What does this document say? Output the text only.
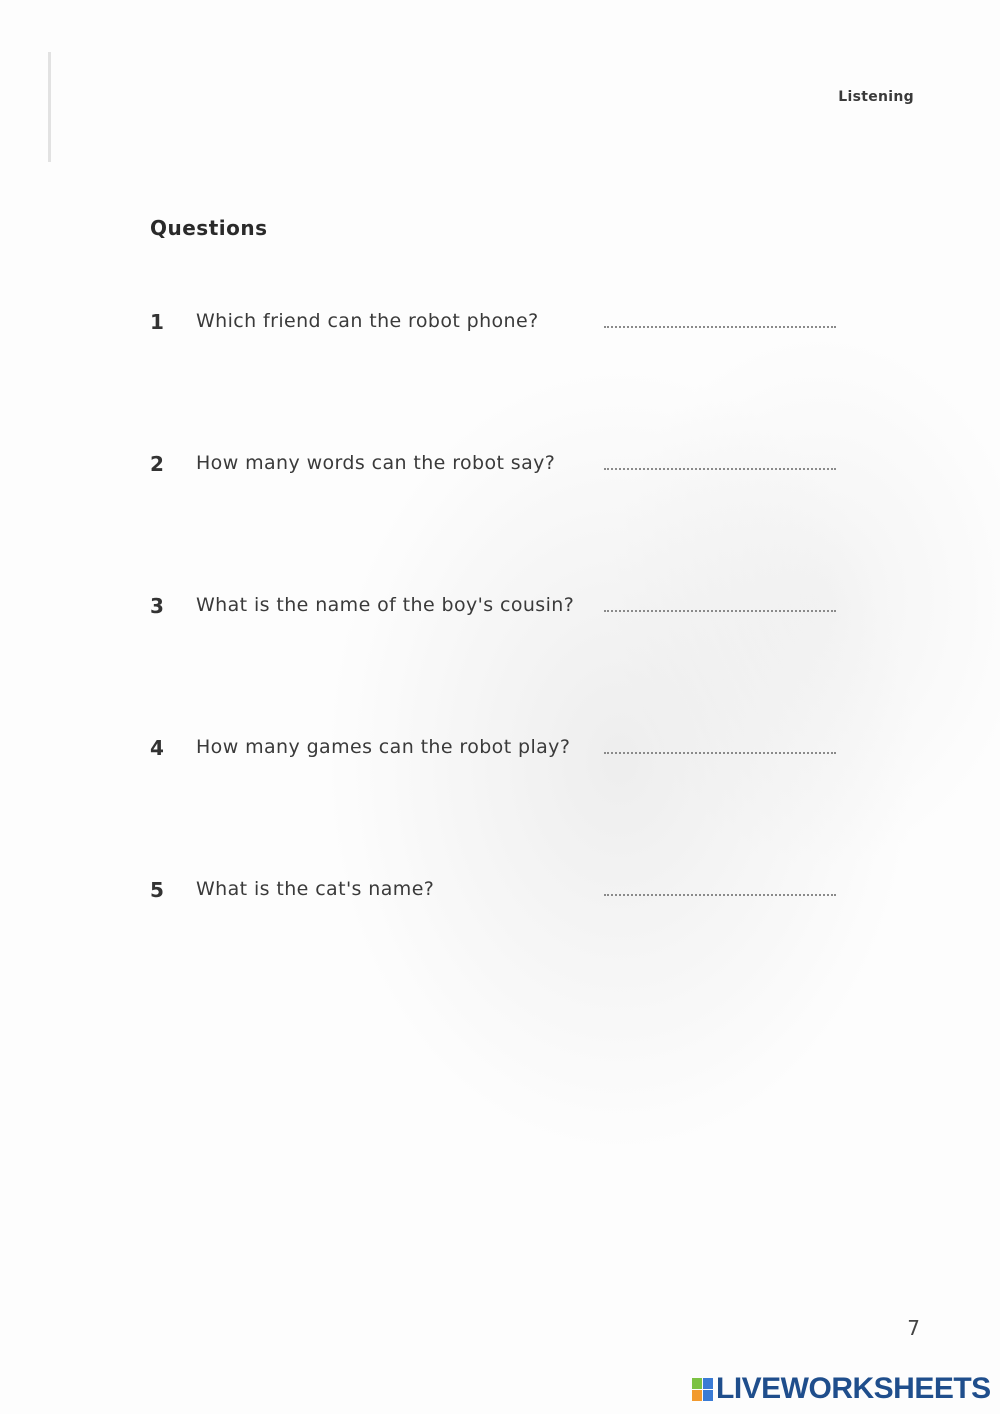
Listening
Questions
1 Which friend can the robot phone?
2 How many words can the robot say?
3 What is the name of the boy's cousin?
4 How many games can the robot play?
5 What is the cat's name?
7
LIVEWORKSHEETS
